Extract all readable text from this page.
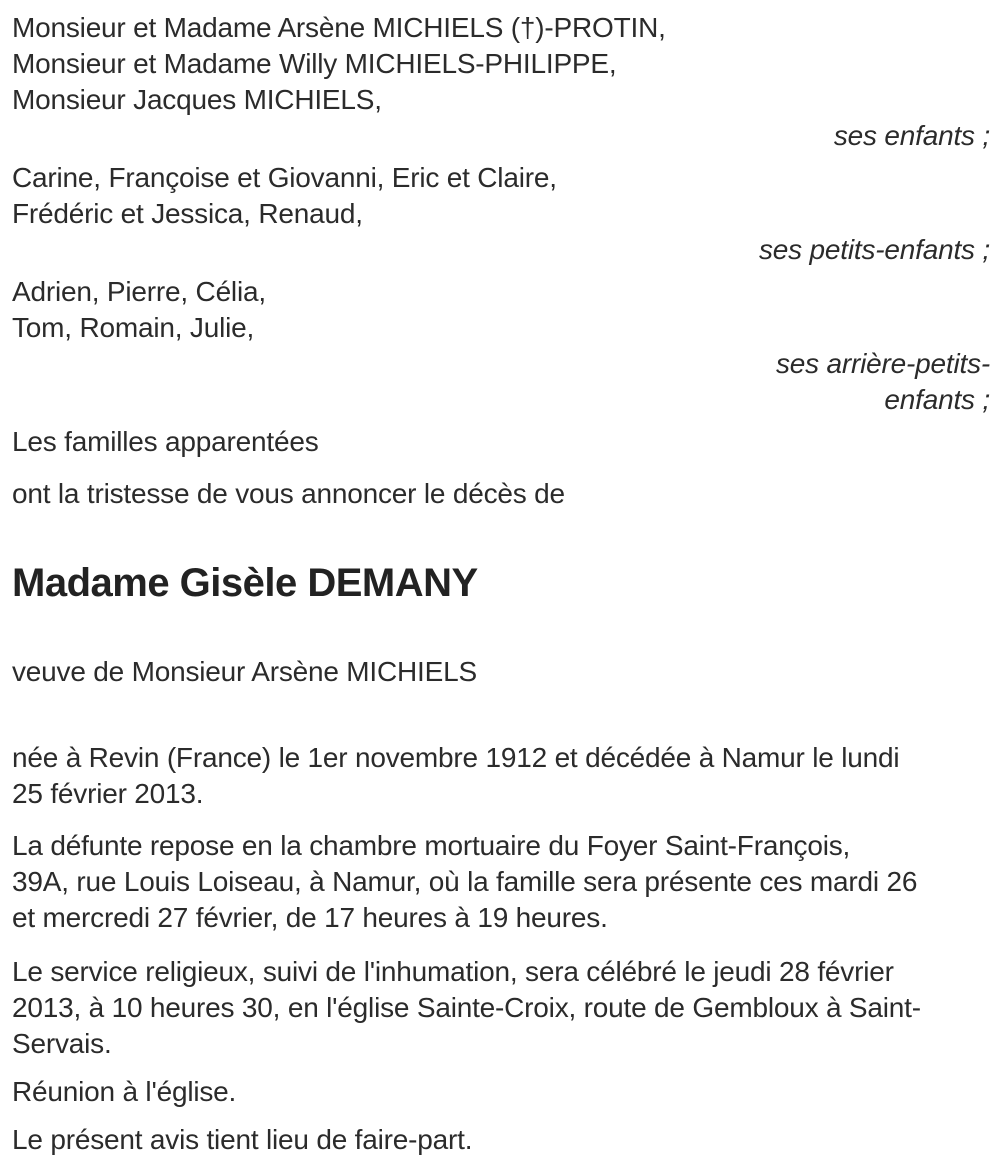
Monsieur et Madame Arsène MICHIELS (†)-PROTIN,
Monsieur et Madame Willy MICHIELS-PHILIPPE,
Monsieur Jacques MICHIELS,
ses enfants ;
Carine, Françoise et Giovanni, Eric et Claire,
Frédéric et Jessica, Renaud,
ses petits-enfants ;
Adrien, Pierre, Célia,
Tom, Romain, Julie,
ses arrière-petits-
enfants ;
Les familles apparentées
ont la tristesse de vous annoncer le décès de
Madame Gisèle DEMANY
veuve de Monsieur Arsène MICHIELS
née à Revin (France) le 1er novembre 1912 et décédée à Namur le lundi
25 février 2013.
La défunte repose en la chambre mortuaire du Foyer Saint-François,
39A, rue Louis Loiseau, à Namur, où la famille sera présente ces mardi 26
et mercredi 27 février, de 17 heures à 19 heures.
Le service religieux, suivi de l'inhumation, sera célébré le jeudi 28 février
2013, à 10 heures 30, en l'église Sainte-Croix, route de Gembloux à Saint-
Servais.
Réunion à l'église.
Le présent avis tient lieu de faire-part.
